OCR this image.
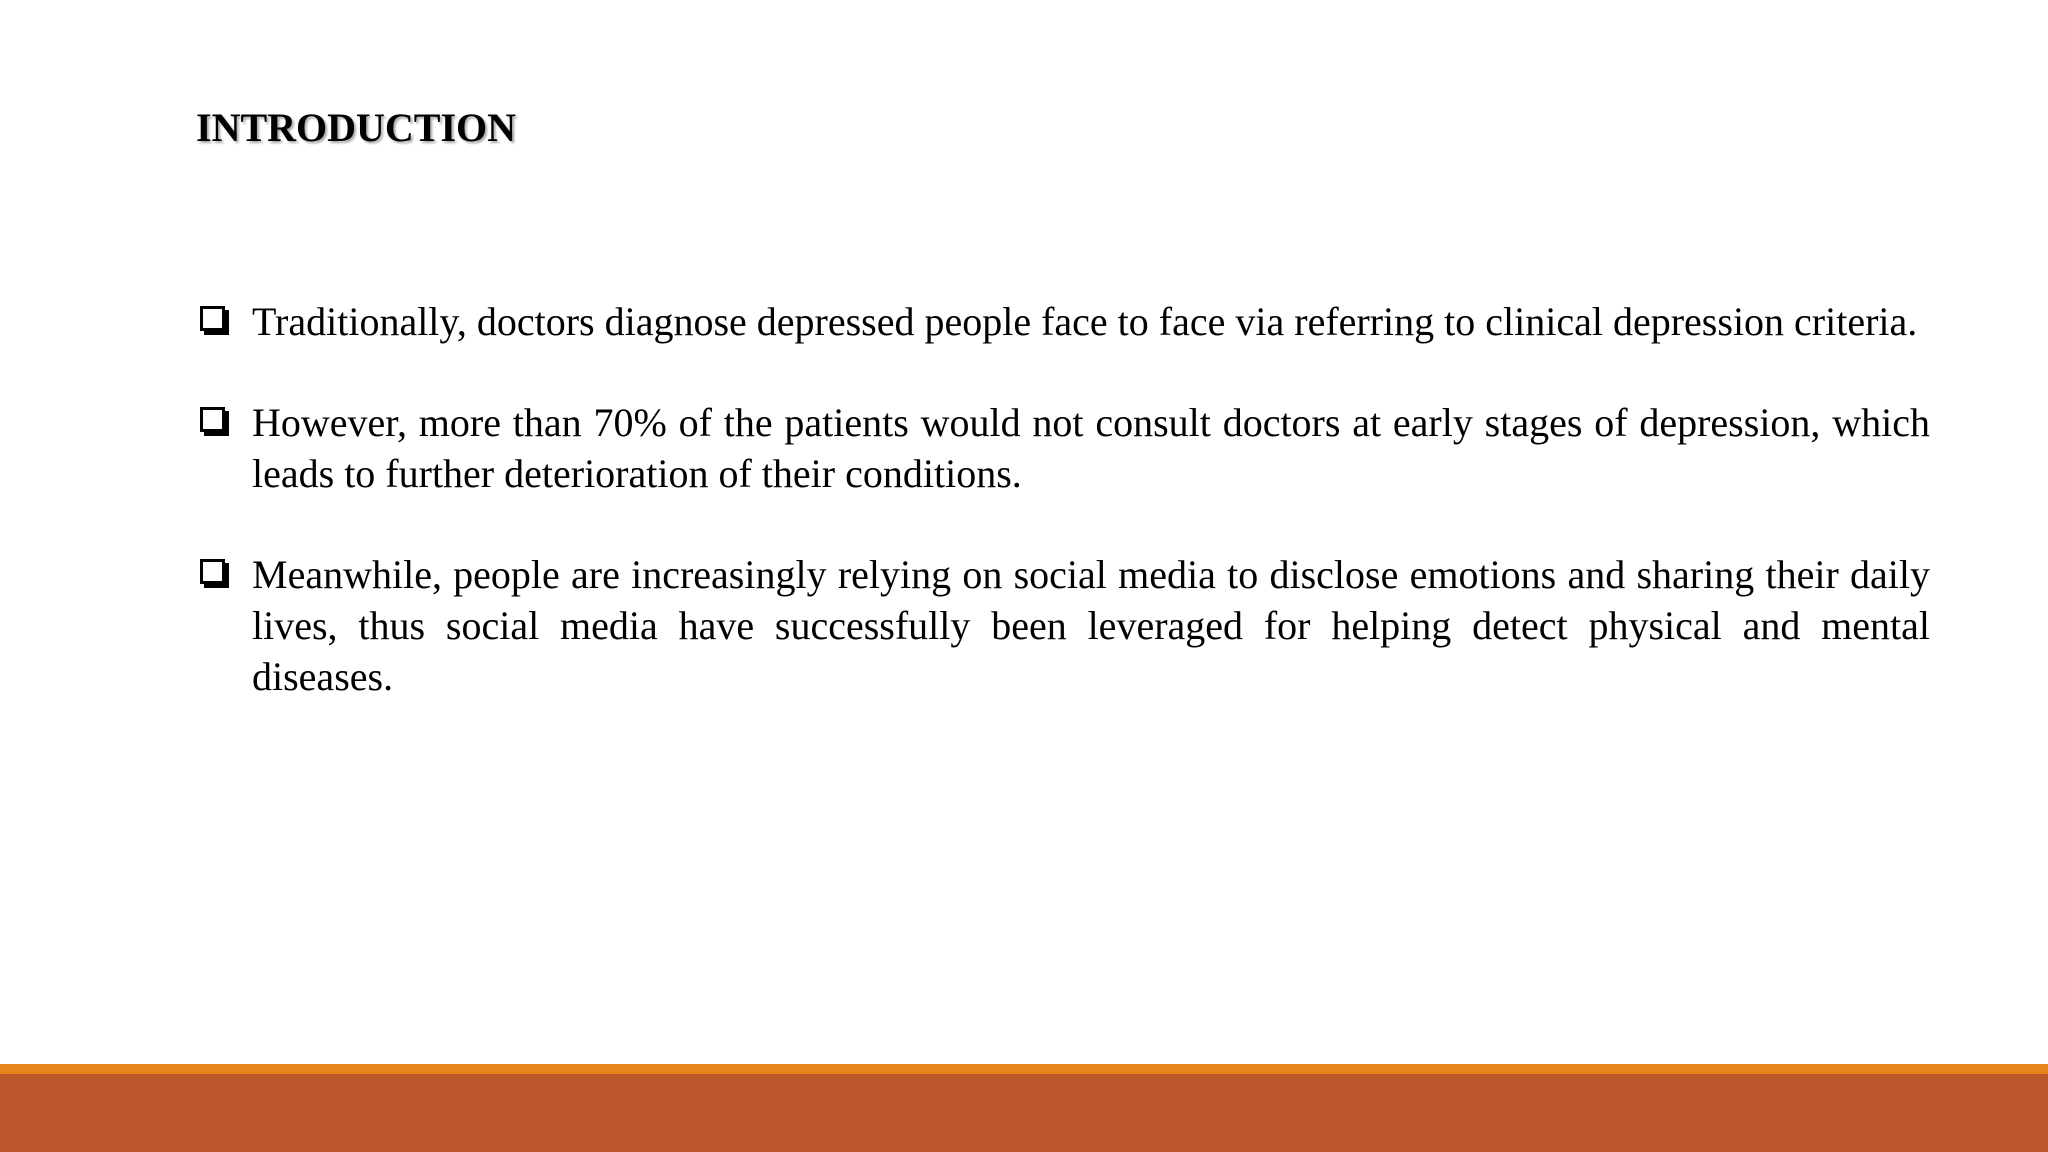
INTRODUCTION
Traditionally, doctors diagnose depressed people face to face via referring to clinical depression criteria.
However, more than 70% of the patients would not consult doctors at early stages of depression, which leads to further deterioration of their conditions.
Meanwhile, people are increasingly relying on social media to disclose emotions and sharing their daily lives, thus social media have successfully been leveraged for helping detect physical and mental diseases.
